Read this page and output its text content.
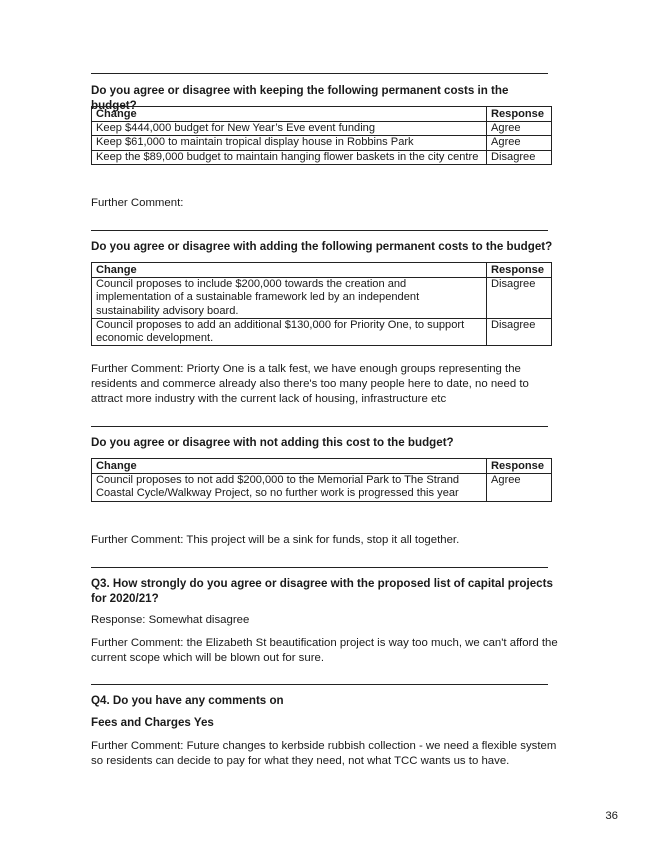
Do you agree or disagree with keeping the following permanent costs in the budget?
Change	Response
Keep $444,000 budget for New Year’s Eve event funding	Agree
Keep $61,000 to maintain tropical display house in Robbins Park	Agree
Keep the $89,000 budget to maintain hanging flower baskets in the city centre	Disagree
Further Comment:
Do you agree or disagree with adding the following permanent costs to the budget?
Change	Response
Council proposes to include $200,000 towards the creation and implementation of a sustainable framework led by an independent sustainability advisory board.	Disagree
Council proposes to add an additional $130,000 for Priority One, to support economic development.	Disagree
Further Comment: Priorty One is a talk fest, we have enough groups representing the residents and commerce already also there's too many people here to date, no need to attract more industry with the current lack of housing, infrastructure etc
Do you agree or disagree with not adding this cost to the budget?
Change	Response
Council proposes to not add $200,000 to the Memorial Park to The Strand Coastal Cycle/Walkway Project, so no further work is progressed this year	Agree
Further Comment: This project will be a sink for funds, stop it all together.
Q3. How strongly do you agree or disagree with the proposed list of capital projects for 2020/21?
Response: Somewhat disagree
Further Comment: the Elizabeth St beautification project is way too much, we can't afford the current scope which will be blown out for sure.
Q4. Do you have any comments on
Fees and Charges Yes
Further Comment: Future changes to kerbside rubbish collection - we need a flexible system so residents can decide to pay for what they need, not what TCC wants us to have.
36
